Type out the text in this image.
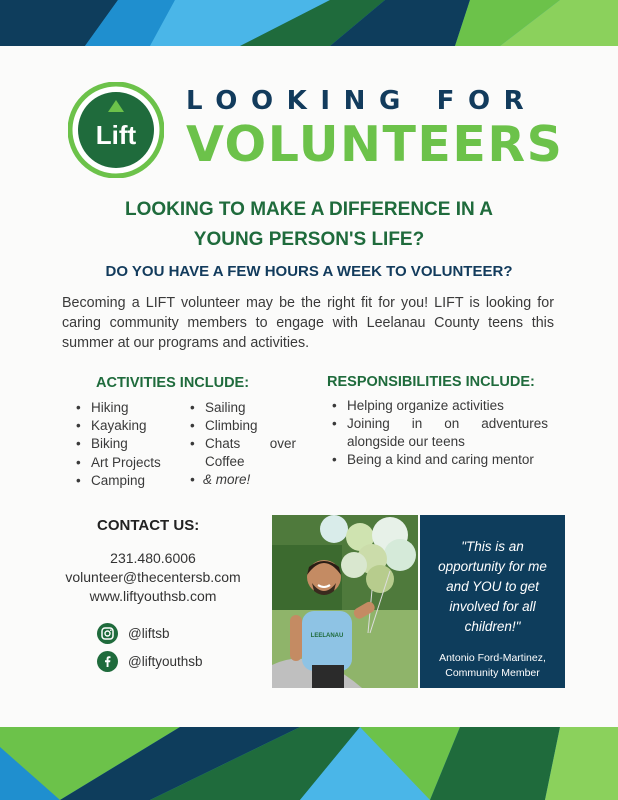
Lift
LOOKING FOR
VOLUNTEERS
LOOKING TO MAKE A DIFFERENCE IN A
YOUNG PERSON'S LIFE?
DO YOU HAVE A FEW HOURS A WEEK TO VOLUNTEER?
Becoming a LIFT volunteer may be the right fit for you! LIFT is looking for caring community members to engage with Leelanau County teens this summer at our programs and activities.
ACTIVITIES INCLUDE:
• Hiking
• Kayaking
• Biking
• Art Projects
• Camping
• Sailing
• Climbing
• Chats over Coffee
• & more!
RESPONSIBILITIES INCLUDE:
• Helping organize activities
• Joining in on adventures alongside our teens
• Being a kind and caring mentor
CONTACT US:
231.480.6006
volunteer@thecentersb.com
www.liftyouthsb.com
@liftsb
@liftyouthsb
LEELANAU
"This is an opportunity for me and YOU to get involved for all children!"
Antonio Ford-Martinez,
Community Member
